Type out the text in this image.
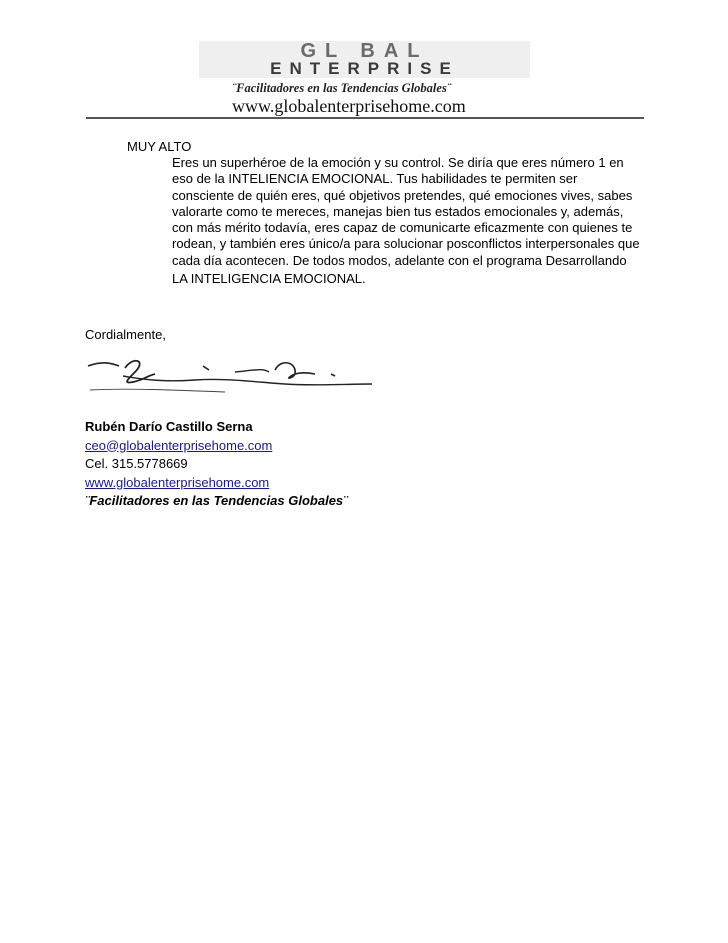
GL BAL
ENTERPRISE
¨Facilitadores en las Tendencias Globales¨
www.globalenterprisehome.com
MUY ALTO
Eres un superhéroe de la emoción y su control. Se diría que eres número 1 en
eso de la INTELIENCIA EMOCIONAL. Tus habilidades te permiten ser
consciente de quién eres, qué objetivos pretendes, qué emociones vives, sabes
valorarte como te mereces, manejas bien tus estados emocionales y, además,
con más mérito todavía, eres capaz de comunicarte eficazmente con quienes te
rodean, y también eres único/a para solucionar posconflictos interpersonales que
cada día acontecen. De todos modos, adelante con el programa Desarrollando
LA INTELIGENCIA EMOCIONAL.
Cordialmente,
Rubén Darío Castillo Serna
ceo@globalenterprisehome.com
Cel. 315.5778669
www.globalenterprisehome.com
¨Facilitadores en las Tendencias Globales¨
